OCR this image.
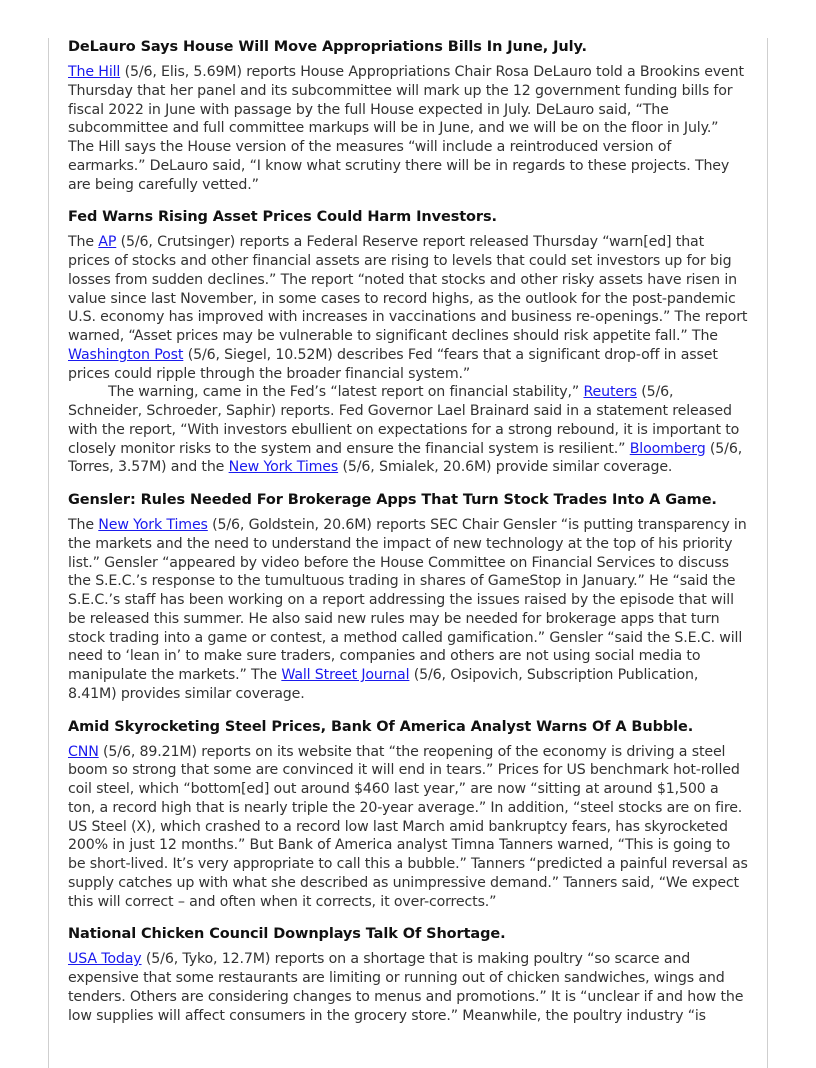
DeLauro Says House Will Move Appropriations Bills In June, July.

The Hill (5/6, Elis, 5.69M) reports House Appropriations Chair Rosa DeLauro told a Brookins event Thursday that her panel and its subcommittee will mark up the 12 government funding bills for fiscal 2022 in June with passage by the full House expected in July. DeLauro said, “The subcommittee and full committee markups will be in June, and we will be on the floor in July.” The Hill says the House version of the measures “will include a reintroduced version of earmarks.” DeLauro said, “I know what scrutiny there will be in regards to these projects. They are being carefully vetted.”

Fed Warns Rising Asset Prices Could Harm Investors.

The AP (5/6, Crutsinger) reports a Federal Reserve report released Thursday “warn[ed] that prices of stocks and other financial assets are rising to levels that could set investors up for big losses from sudden declines.” The report “noted that stocks and other risky assets have risen in value since last November, in some cases to record highs, as the outlook for the post-pandemic U.S. economy has improved with increases in vaccinations and business re-openings.” The report warned, “Asset prices may be vulnerable to significant declines should risk appetite fall.” The Washington Post (5/6, Siegel, 10.52M) describes Fed “fears that a significant drop-off in asset prices could ripple through the broader financial system.”

The warning, came in the Fed’s “latest report on financial stability,” Reuters (5/6, Schneider, Schroeder, Saphir) reports. Fed Governor Lael Brainard said in a statement released with the report, “With investors ebullient on expectations for a strong rebound, it is important to closely monitor risks to the system and ensure the financial system is resilient.” Bloomberg (5/6, Torres, 3.57M) and the New York Times (5/6, Smialek, 20.6M) provide similar coverage.

Gensler: Rules Needed For Brokerage Apps That Turn Stock Trades Into A Game.

The New York Times (5/6, Goldstein, 20.6M) reports SEC Chair Gensler “is putting transparency in the markets and the need to understand the impact of new technology at the top of his priority list.” Gensler “appeared by video before the House Committee on Financial Services to discuss the S.E.C.’s response to the tumultuous trading in shares of GameStop in January.” He “said the S.E.C.’s staff has been working on a report addressing the issues raised by the episode that will be released this summer. He also said new rules may be needed for brokerage apps that turn stock trading into a game or contest, a method called gamification.” Gensler “said the S.E.C. will need to ‘lean in’ to make sure traders, companies and others are not using social media to manipulate the markets.” The Wall Street Journal (5/6, Osipovich, Subscription Publication, 8.41M) provides similar coverage.

Amid Skyrocketing Steel Prices, Bank Of America Analyst Warns Of A Bubble.

CNN (5/6, 89.21M) reports on its website that “the reopening of the economy is driving a steel boom so strong that some are convinced it will end in tears.” Prices for US benchmark hot-rolled coil steel, which “bottom[ed] out around $460 last year,” are now “sitting at around $1,500 a ton, a record high that is nearly triple the 20-year average.” In addition, “steel stocks are on fire. US Steel (X), which crashed to a record low last March amid bankruptcy fears, has skyrocketed 200% in just 12 months.” But Bank of America analyst Timna Tanners warned, “This is going to be short-lived. It’s very appropriate to call this a bubble.” Tanners “predicted a painful reversal as supply catches up with what she described as unimpressive demand.” Tanners said, “We expect this will correct – and often when it corrects, it over-corrects.”

National Chicken Council Downplays Talk Of Shortage.

USA Today (5/6, Tyko, 12.7M) reports on a shortage that is making poultry “so scarce and expensive that some restaurants are limiting or running out of chicken sandwiches, wings and tenders. Others are considering changes to menus and promotions.” It is “unclear if and how the low supplies will affect consumers in the grocery store.” Meanwhile, the poultry industry “is
